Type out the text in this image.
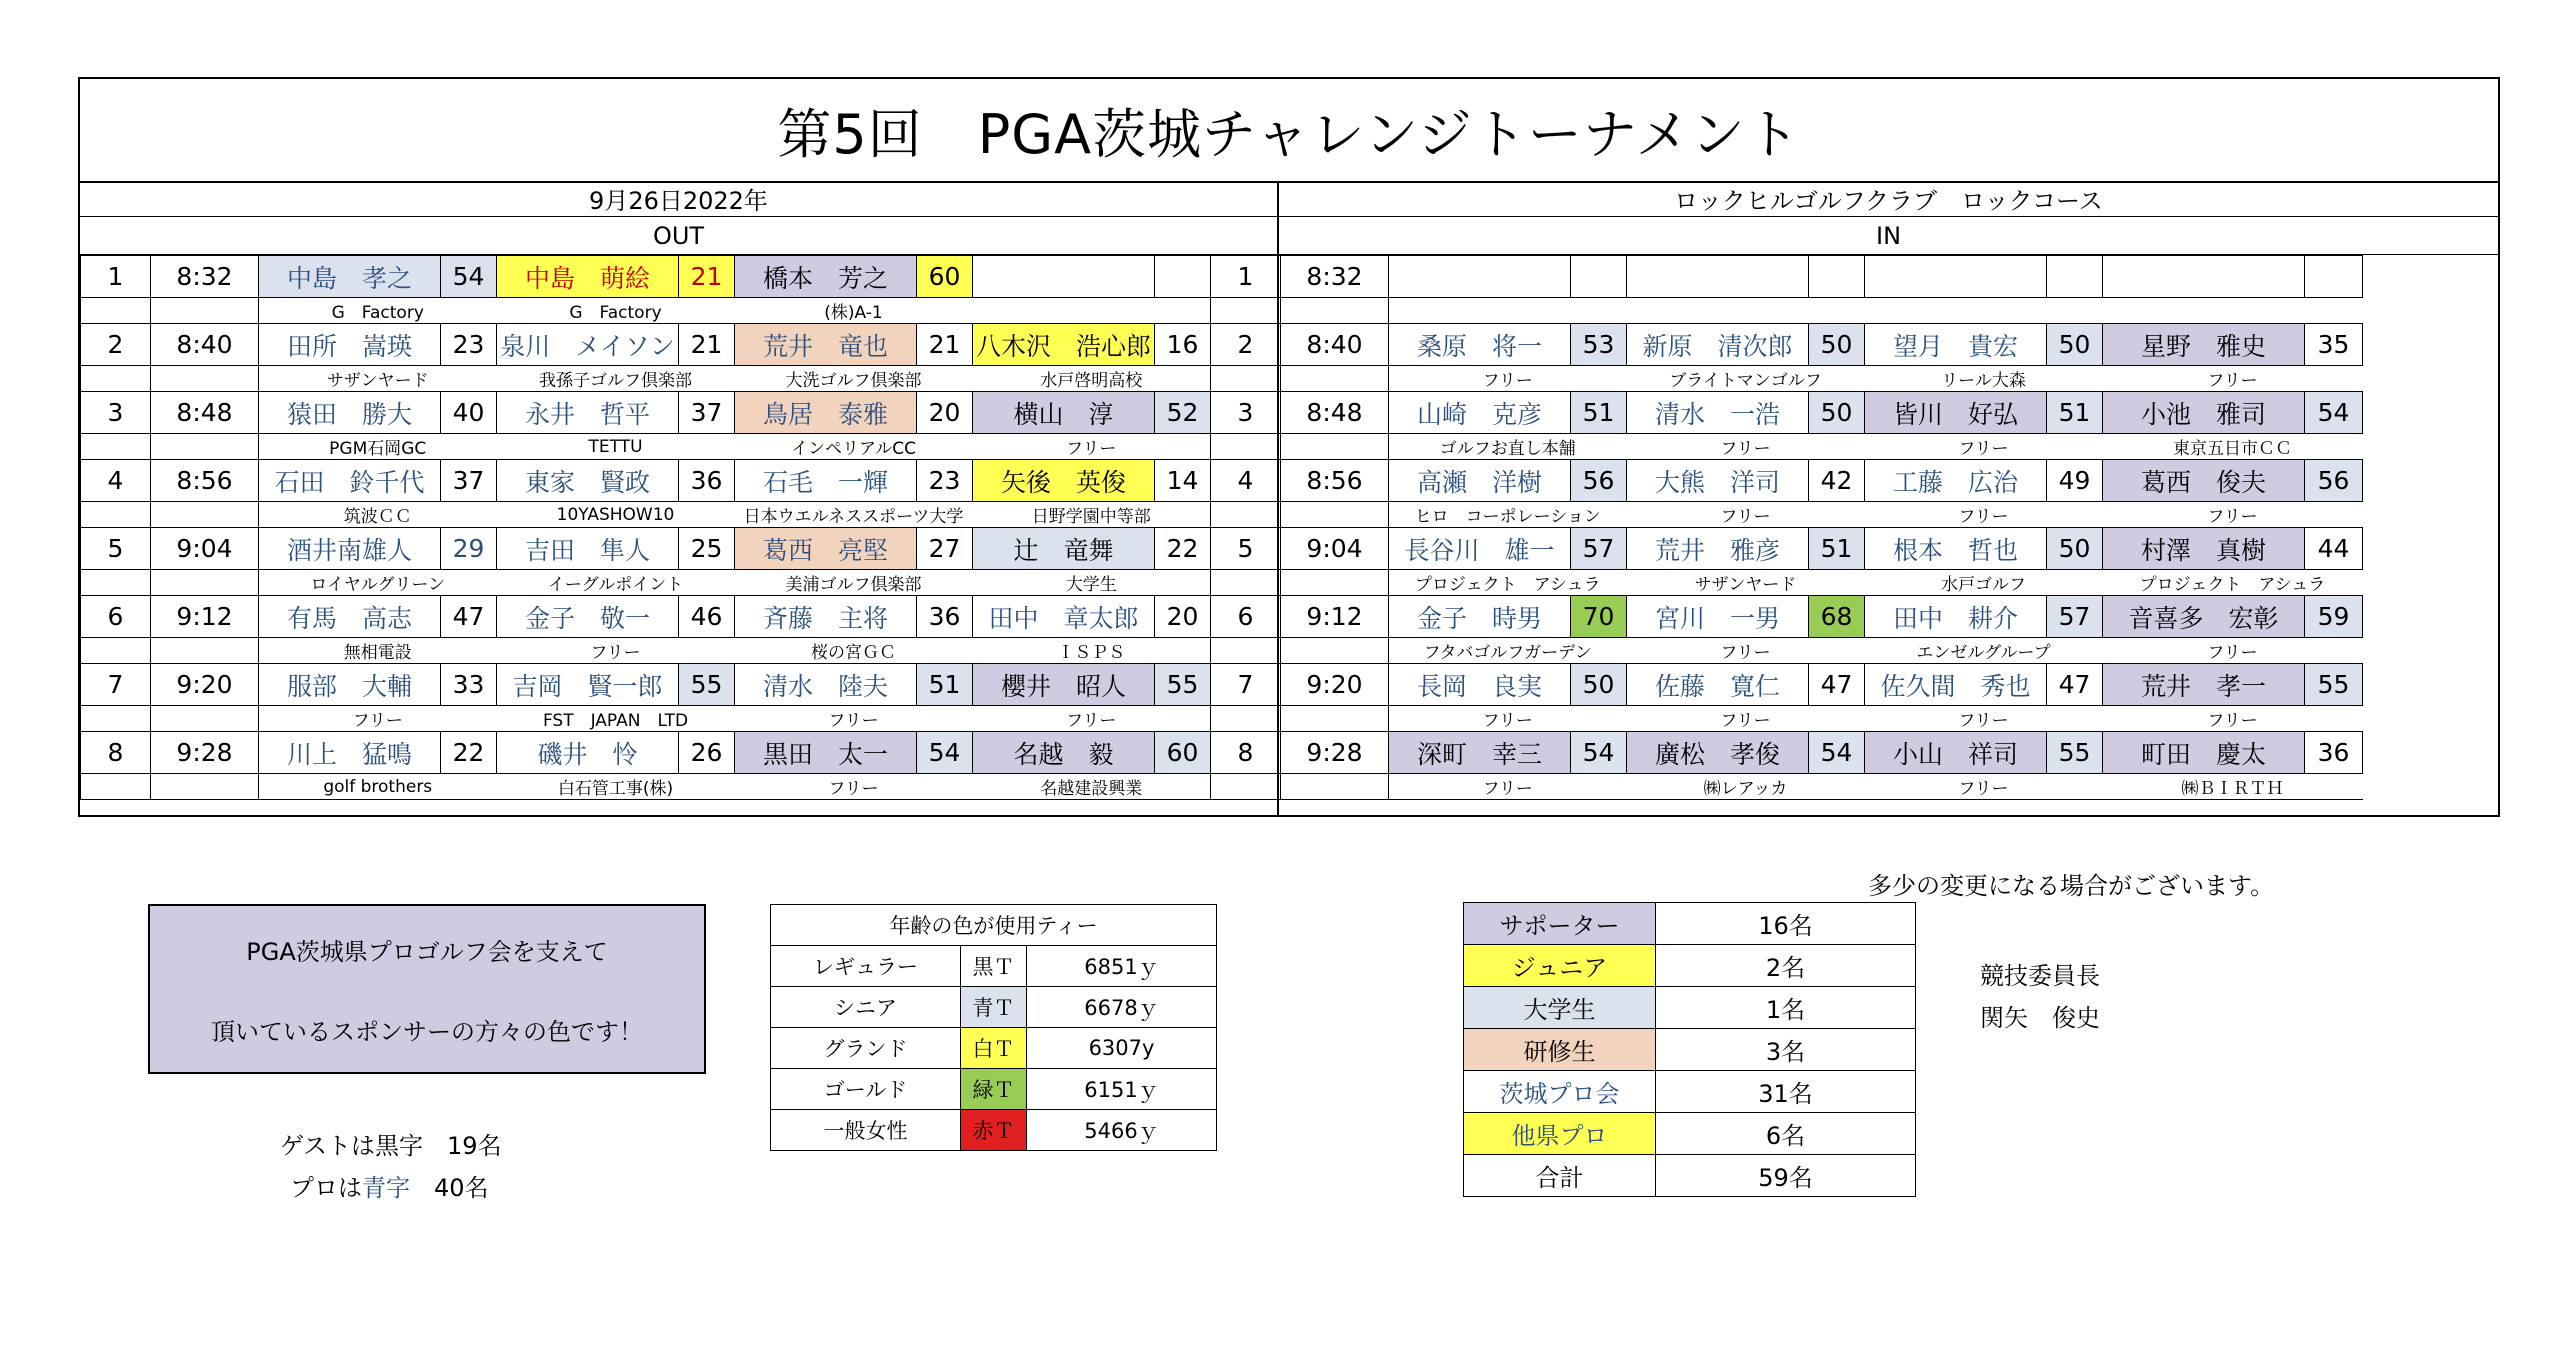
第5回　PGA茨城チャレンジトーナメント
9月26日2022年	ロックヒルゴルフクラブ　ロックコース
OUT	IN
1	8:32	中島　孝之	54	中島　萌絵	21	橋本　芳之	60			1	8:32								
		G　Factory		G　Factory		(株)A-1													
2	8:40	田所　嵩瑛	23	泉川　メイソン	21	荒井　竜也	21	八木沢　浩心郎	16	2	8:40	桑原　将一	53	新原　清次郎	50	望月　貴宏	50	星野　雅史	35
		サザンヤード		我孫子ゴルフ倶楽部		大洗ゴルフ倶楽部		水戸啓明高校				フリー		ブライトマンゴルフ		リール大森		フリー	
3	8:48	猿田　勝大	40	永井　哲平	37	鳥居　泰雅	20	横山　淳	52	3	8:48	山崎　克彦	51	清水　一浩	50	皆川　好弘	51	小池　雅司	54
		PGM石岡GC		TETTU		インペリアルCC		フリー				ゴルフお直し本舗		フリー		フリー		東京五日市ＣＣ	
4	8:56	石田　鈴千代	37	東家　賢政	36	石毛　一輝	23	矢後　英俊	14	4	8:56	高瀬　洋樹	56	大熊　洋司	42	工藤　広治	49	葛西　俊夫	56
		筑波ＣＣ		10YASHOW10		日本ウエルネススポーツ大学		日野学園中等部				ヒロ　コーポレーション		フリー		フリー		フリー	
5	9:04	酒井南雄人	29	吉田　隼人	25	葛西　亮堅	27	辻　竜舞	22	5	9:04	長谷川　雄一	57	荒井　雅彦	51	根本　哲也	50	村澤　真樹	44
		ロイヤルグリーン		イーグルポイント		美浦ゴルフ倶楽部		大学生				プロジェクト　アシュラ		サザンヤード		水戸ゴルフ		プロジェクト　アシュラ	
6	9:12	有馬　高志	47	金子　敬一	46	斉藤　主将	36	田中　章太郎	20	6	9:12	金子　時男	70	宮川　一男	68	田中　耕介	57	音喜多　宏彰	59
		無相電設		フリー		桜の宮ＧＣ		ＩＳＰＳ				フタバゴルフガーデン		フリー		エンゼルグループ		フリー	
7	9:20	服部　大輔	33	吉岡　賢一郎	55	清水　陸夫	51	櫻井　昭人	55	7	9:20	長岡　良実	50	佐藤　寛仁	47	佐久間　秀也	47	荒井　孝一	55
		フリー		FST　JAPAN　LTD		フリー		フリー				フリー		フリー		フリー		フリー	
8	9:28	川上　猛鳴	22	磯井　怜	26	黒田　太一	54	名越　毅	60	8	9:28	深町　幸三	54	廣松　孝俊	54	小山　祥司	55	町田　慶太	36
		golf brothers		白石管工事(株)		フリー		名越建設興業				フリー		㈱レアッカ		フリー		㈱ＢＩＲＴＨ	
PGA茨城県プロゴルフ会を支えて
頂いているスポンサーの方々の色です！
ゲストは黒字　19名
プロは青字　40名
年齢の色が使用ティー		
レギュラー	黒Ｔ	6851ｙ
シニア	青Ｔ	6678ｙ
グランド	白Ｔ	6307y
ゴールド	緑Ｔ	6151ｙ
一般女性	赤Ｔ	5466ｙ
サポーター	16名
ジュニア	2名
大学生	1名
研修生	3名
茨城プロ会	31名
他県プロ	6名
合計	59名
多少の変更になる場合がございます。
競技委員長
関矢　俊史
